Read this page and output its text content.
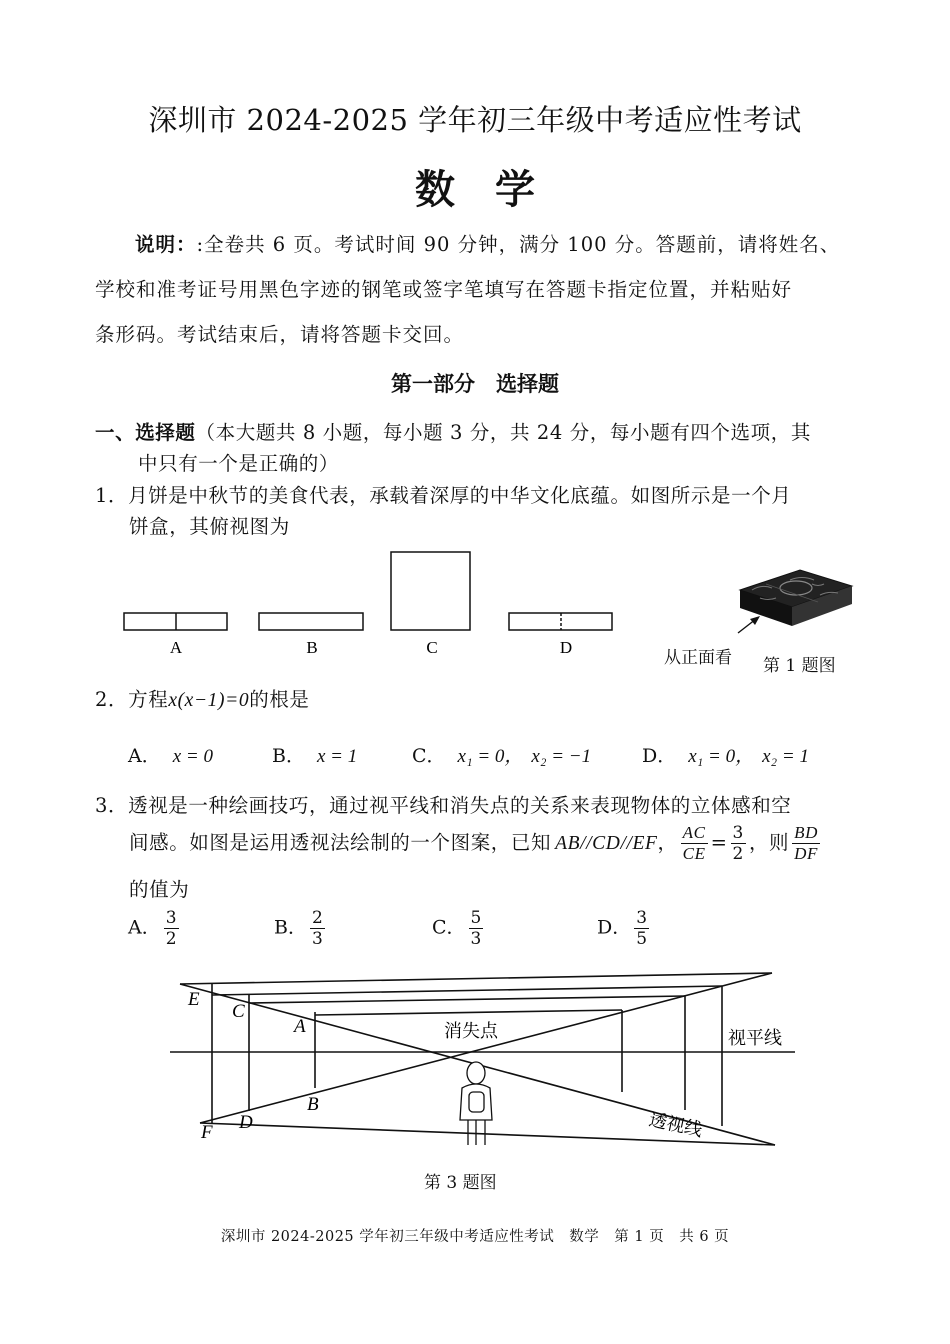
深圳市 2024-2025 学年初三年级中考适应性考试
数学
说明：:全卷共 6 页。考试时间 90 分钟，满分 100 分。答题前，请将姓名、
学校和准考证号用黑色字迹的钢笔或签字笔填写在答题卡指定位置，并粘贴好
条形码。考试结束后，请将答题卡交回。
第一部分　选择题
一、选择题（本大题共 8 小题，每小题 3 分，共 24 分，每小题有四个选项，其
中只有一个是正确的）
1．月饼是中秋节的美食代表，承载着深厚的中华文化底蕴。如图所示是一个月
饼盒，其俯视图为
A	B	C	D
从正面看 第 1 题图
2．方程x(x−1)=0的根是
A． x = 0	B． x = 1	C． x₁ = 0， x₂ = −1	D． x₁ = 0， x₂ = 1
3．透视是一种绘画技巧，通过视平线和消失点的关系来表现物体的立体感和空
间感。如图是运用透视法绘制的一个图案，已知 AB//CD//EF， $\frac{AC}{CE} = \frac{3}{2}$ ，则 $\frac{BD}{DF}$
的值为
A． $\frac{3}{2}$	B． $\frac{2}{3}$	C． $\frac{5}{3}$	D． $\frac{3}{5}$
E
C
A
B
D
F
消失点	视平线
透视线
第 3 题图
深圳市 2024-2025 学年初三年级中考适应性考试　数学　第 1 页　共 6 页
